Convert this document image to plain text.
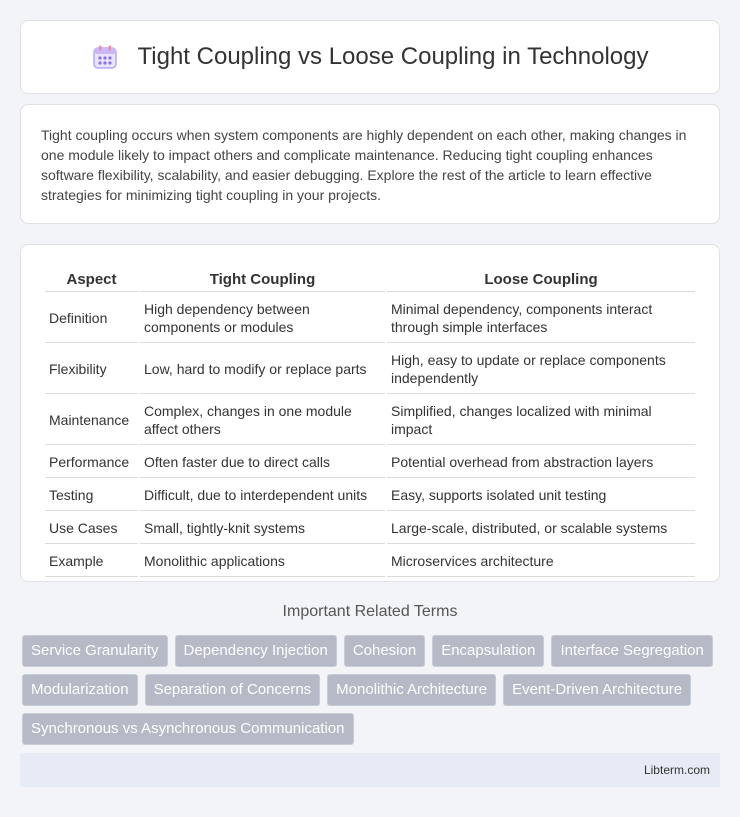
Tight Coupling vs Loose Coupling in Technology

Tight coupling occurs when system components are highly dependent on each other, making changes in one module likely to impact others and complicate maintenance. Reducing tight coupling enhances software flexibility, scalability, and easier debugging. Explore the rest of the article to learn effective strategies for minimizing tight coupling in your projects.

Aspect	Tight Coupling	Loose Coupling
Definition	High dependency between components or modules	Minimal dependency, components interact through simple interfaces
Flexibility	Low, hard to modify or replace parts	High, easy to update or replace components independently
Maintenance	Complex, changes in one module affect others	Simplified, changes localized with minimal impact
Performance	Often faster due to direct calls	Potential overhead from abstraction layers
Testing	Difficult, due to interdependent units	Easy, supports isolated unit testing
Use Cases	Small, tightly-knit systems	Large-scale, distributed, or scalable systems
Example	Monolithic applications	Microservices architecture
Important Related Terms
Service Granularity	Dependency Injection	Cohesion	Encapsulation	Interface Segregation
Modularization	Separation of Concerns	Monolithic Architecture	Event-Driven Architecture
Synchronous vs Asynchronous Communication
Libterm.com
